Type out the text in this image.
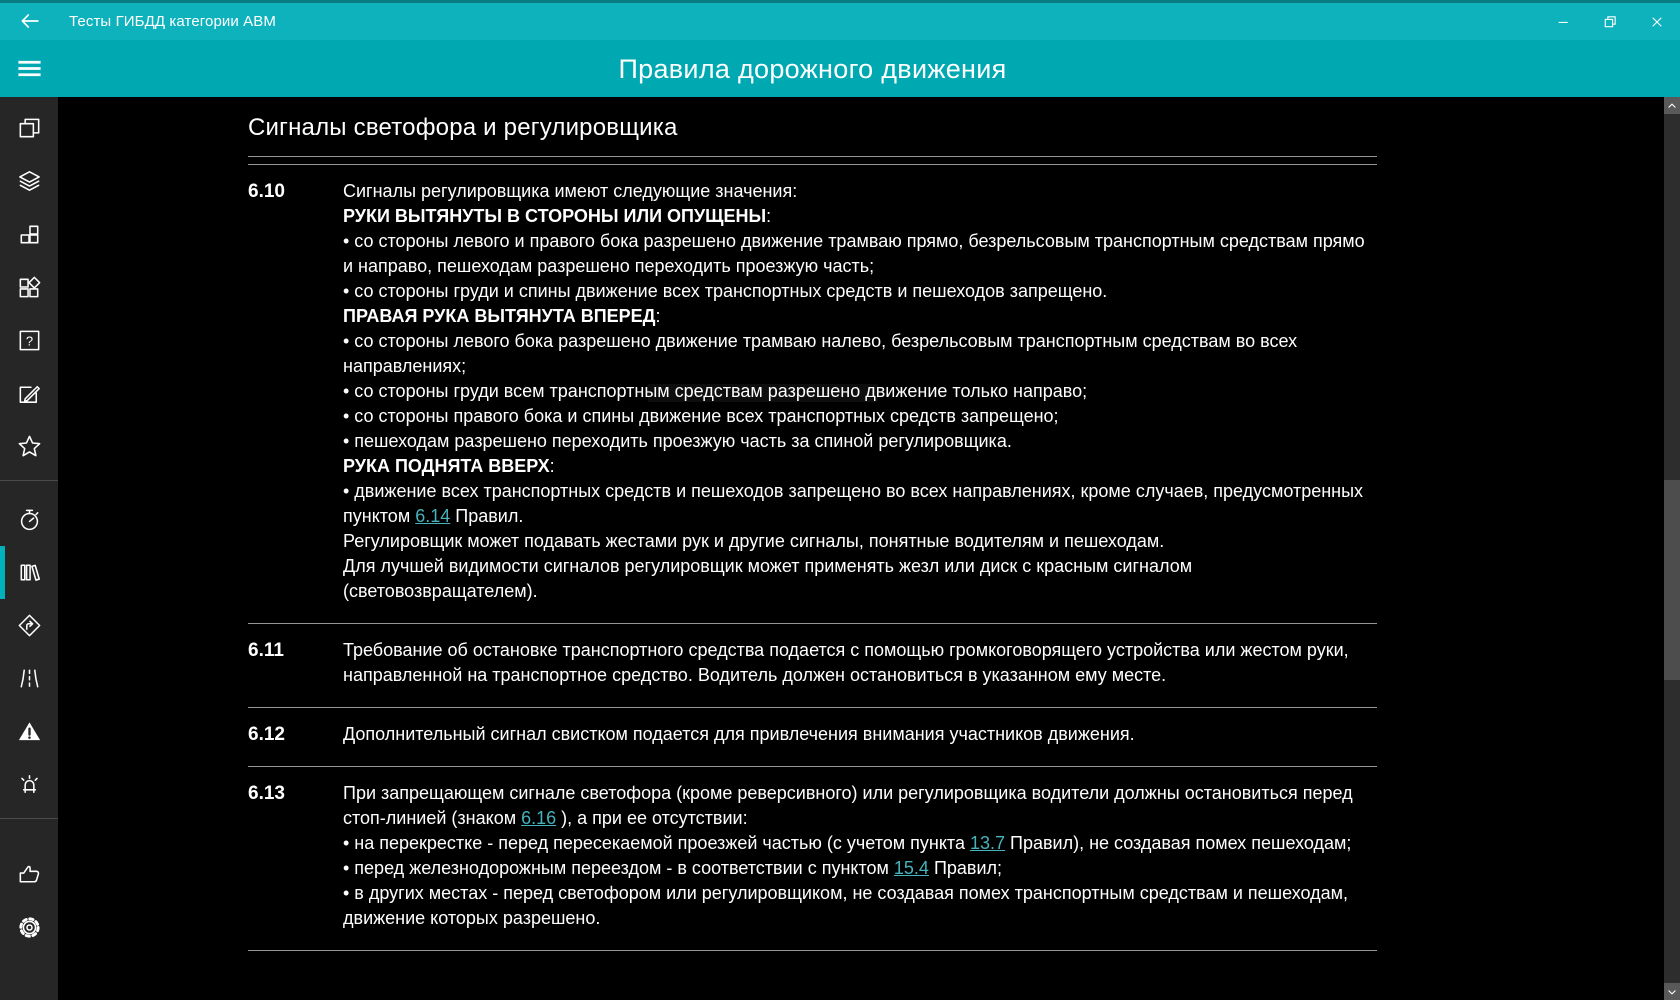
Тесты ГИБДД категории АВМ
Правила дорожного движения
?
Сигналы светофора и регулировщика
6.10	Сигналы регулировщика имеют следующие значения:

РУКИ ВЫТЯНУТЫ В СТОРОНЫ ИЛИ ОПУЩЕНЫ:

• со стороны левого и правого бока разрешено движение трамваю прямо, безрельсовым транспортным средствам прямо и направо, пешеходам разрешено переходить проезжую часть;

• со стороны груди и спины движение всех транспортных средств и пешеходов запрещено.

ПРАВАЯ РУКА ВЫТЯНУТА ВПЕРЕД:

• со стороны левого бока разрешено движение трамваю налево, безрельсовым транспортным средствам во всех направлениях;

• со стороны груди всем транспортным средствам разрешено движение только направо;

• со стороны правого бока и спины движение всех транспортных средств запрещено;

• пешеходам разрешено переходить проезжую часть за спиной регулировщика.

РУКА ПОДНЯТА ВВЕРХ:

• движение всех транспортных средств и пешеходов запрещено во всех направлениях, кроме случаев, предусмотренных пунктом 6.14 Правил.

Регулировщик может подавать жестами рук и другие сигналы, понятные водителям и пешеходам.

Для лучшей видимости сигналов регулировщик может применять жезл или диск с красным сигналом (световозвращателем).

6.11	Требование об остановке транспортного средства подается с помощью громкоговорящего устройства или жестом руки, направленной на транспортное средство. Водитель должен остановиться в указанном ему месте.

6.12	Дополнительный сигнал свистком подается для привлечения внимания участников движения.

6.13	При запрещающем сигнале светофора (кроме реверсивного) или регулировщика водители должны остановиться перед стоп-линией (знаком 6.16 ), а при ее отсутствии:

• на перекрестке - перед пересекаемой проезжей частью (с учетом пункта 13.7 Правил), не создавая помех пешеходам;

• перед железнодорожным переездом - в соответствии с пунктом 15.4 Правил;

• в других местах - перед светофором или регулировщиком, не создавая помех транспортным средствам и пешеходам, движение которых разрешено.
